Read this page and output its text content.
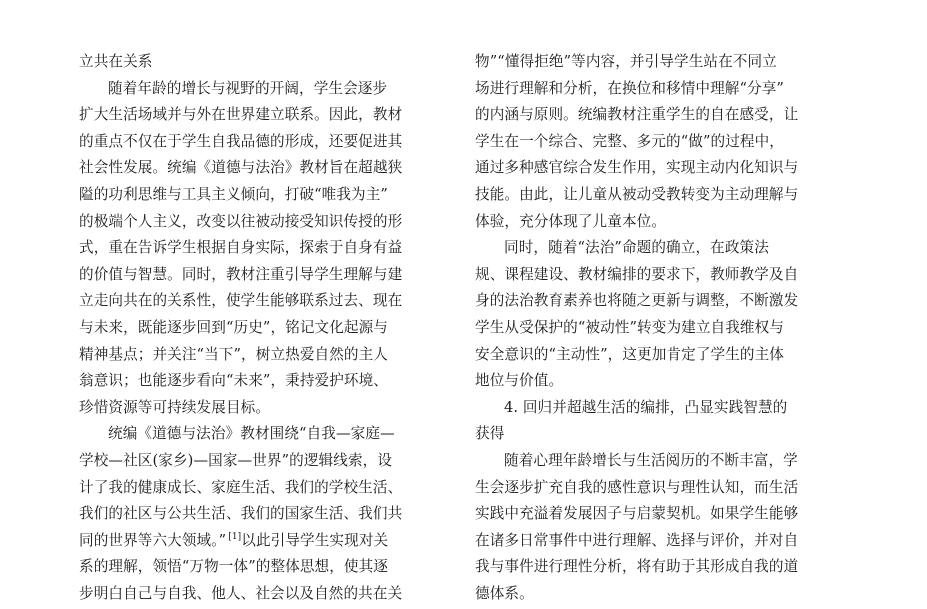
立共在关系
随着年龄的增长与视野的开阔，学生会逐步
扩大生活场域并与外在世界建立联系。因此，教材
的重点不仅在于学生自我品德的形成，还要促进其
社会性发展。统编《道德与法治》教材旨在超越狭
隘的功利思维与工具主义倾向，打破“唯我为主”
的极端个人主义，改变以往被动接受知识传授的形
式，重在告诉学生根据自身实际，探索于自身有益
的价值与智慧。同时，教材注重引导学生理解与建
立走向共在的关系性，使学生能够联系过去、现在
与未来，既能逐步回到“历史”，铭记文化起源与
精神基点；并关注“当下”，树立热爱自然的主人
翁意识；也能逐步看向“未来”，秉持爱护环境、
珍惜资源等可持续发展目标。
统编《道德与法治》教材围绕“自我—家庭—
学校—社区(家乡)—国家—世界”的逻辑线索，设
计了我的健康成长、家庭生活、我们的学校生活、
我们的社区与公共生活、我们的国家生活、我们共
同的世界等六大领域。” [1]以此引导学生实现对关
系的理解，领悟“万物一体”的整体思想，使其逐
步明白自己与自我、他人、社会以及自然的共在关
物”“懂得拒绝”等内容，并引导学生站在不同立
场进行理解和分析，在换位和移情中理解“分享”
的内涵与原则。统编教材注重学生的自在感受，让
学生在一个综合、完整、多元的“做”的过程中，
通过多种感官综合发生作用，实现主动内化知识与
技能。由此，让儿童从被动受教转变为主动理解与
体验，充分体现了儿童本位。
同时，随着“法治”命题的确立，在政策法
规、课程建设、教材编排的要求下，教师教学及自
身的法治教育素养也将随之更新与调整，不断激发
学生从受保护的“被动性”转变为建立自我维权与
安全意识的“主动性”，这更加肯定了学生的主体
地位与价值。
4. 回归并超越生活的编排，凸显实践智慧的
获得
随着心理年龄增长与生活阅历的不断丰富，学
生会逐步扩充自我的感性意识与理性认知，而生活
实践中充溢着发展因子与启蒙契机。如果学生能够
在诸多日常事件中进行理解、选择与评价，并对自
我与事件进行理性分析，将有助于其形成自我的道
德体系。
